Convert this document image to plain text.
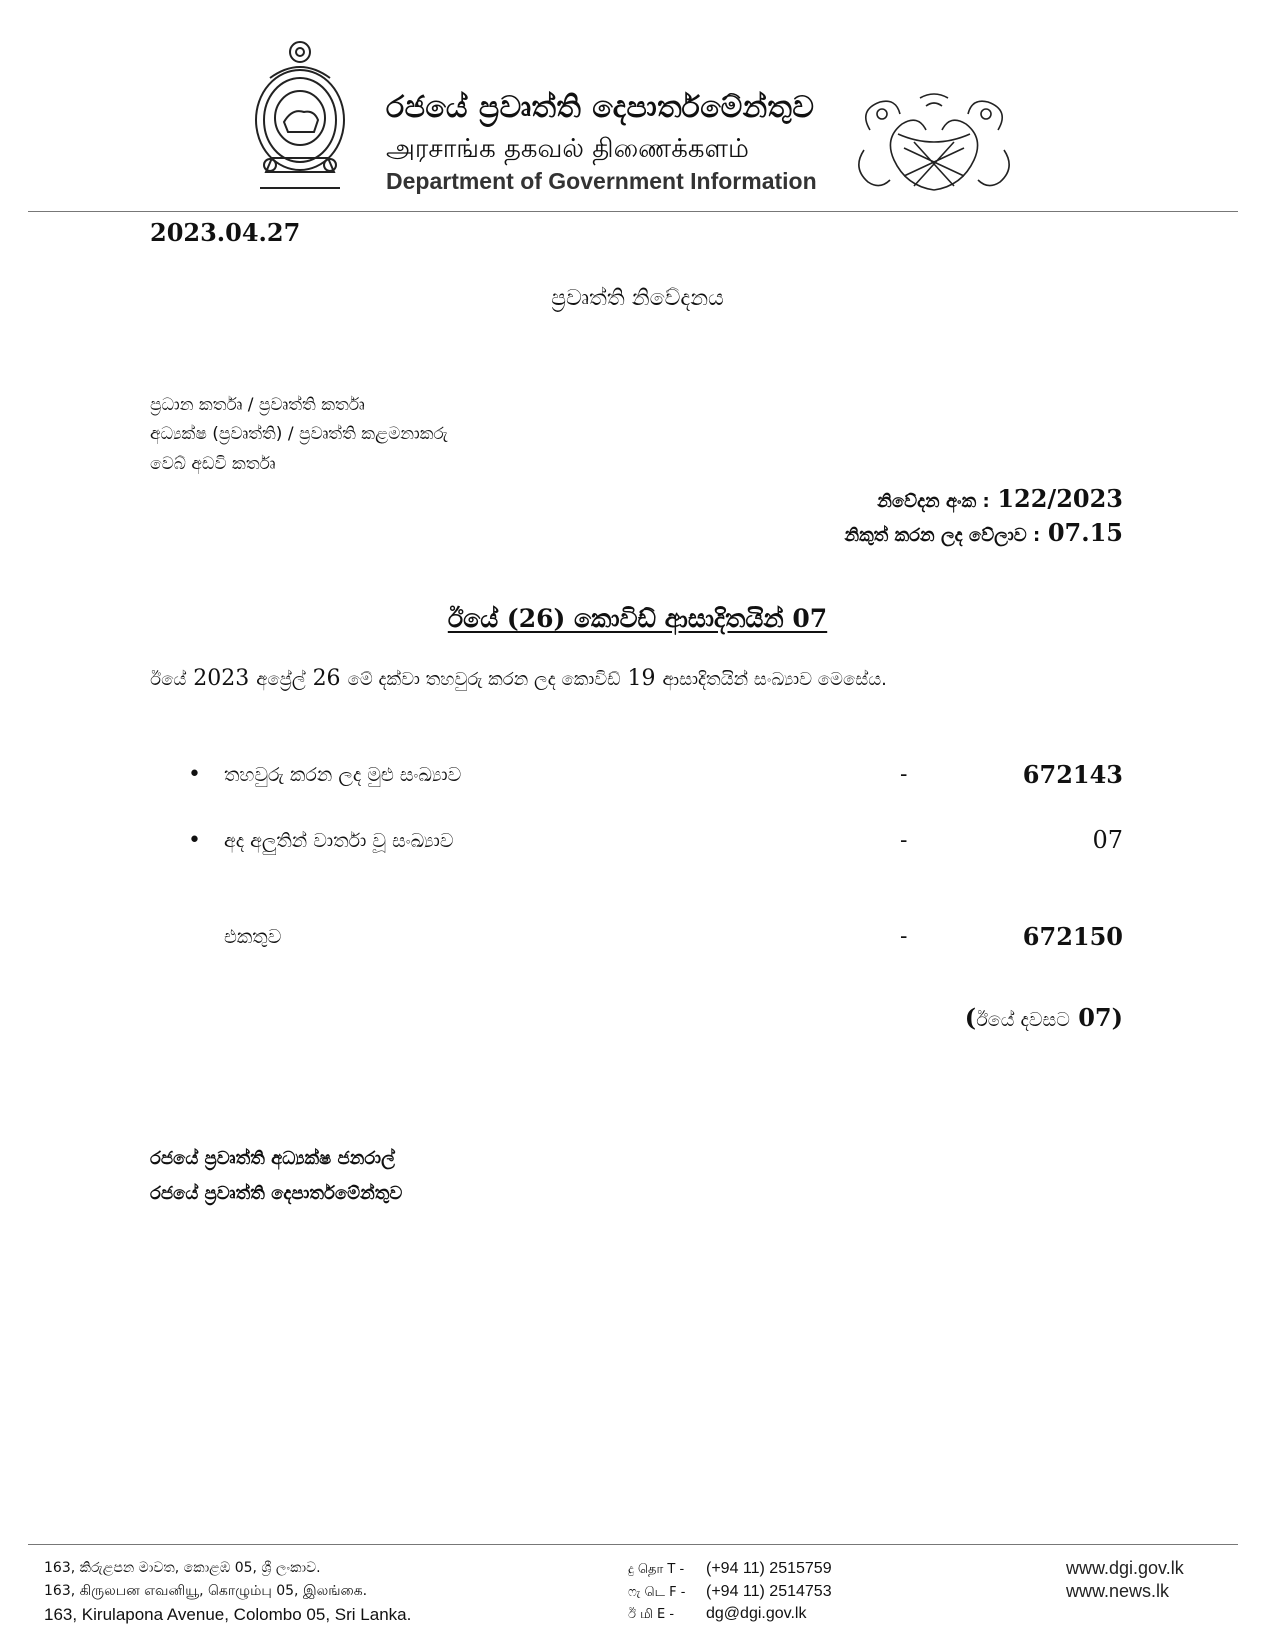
රජයේ ප්‍රවෘත්ති දෙපාර්තමේන්තුව
அரசாங்க தகவல் திணைக்களம்
Department of Government Information
2023.04.27
ප්‍රවෘත්ති නිවේදනය
ප්‍රධාන කර්තෘ / ප්‍රවෘත්ති කර්තෘ
අධ්‍යක්ෂ (ප්‍රවෘත්ති) / ප්‍රවෘත්ති කළමනාකරු
වෙබ් අඩවි කර්තෘ
නිවේදන අංක : 122/2023
නිකුත් කරන ලද වේලාව : 07.15
ඊයේ (26) කොවිඩ් ආසාදිතයින් 07
ඊයේ 2023 අප්‍රේල් 26 මේ දක්වා තහවුරු කරන ලද කොවිඩ් 19 ආසාදිතයින් සංඛ්‍යාව මෙසේය.
• තහවුරු කරන ලද මුළු සංඛ්‍යාව	-	672143
• අද අලුතින් වාර්තා වූ සංඛ්‍යාව	-	07
එකතුව	-	672150
(ඊයේ දවසට 07)
රජයේ ප්‍රවෘත්ති අධ්‍යක්ෂ ජනරාල්
රජයේ ප්‍රවෘත්ති දෙපාර්තමේන්තුව
163, කිරුළපන මාවත, කොළඹ 05, ශ්‍රී ලංකාව.
163, கிருலபன எவனியூ, கொழும்பு 05, இலங்கை.
163, Kirulapona Avenue, Colombo 05, Sri Lanka.
දු தொ T - (+94 11) 2515759
ෆැ டெ F - (+94 11) 2514753
ඊ மி E - dg@dgi.gov.lk
www.dgi.gov.lk
www.news.lk
